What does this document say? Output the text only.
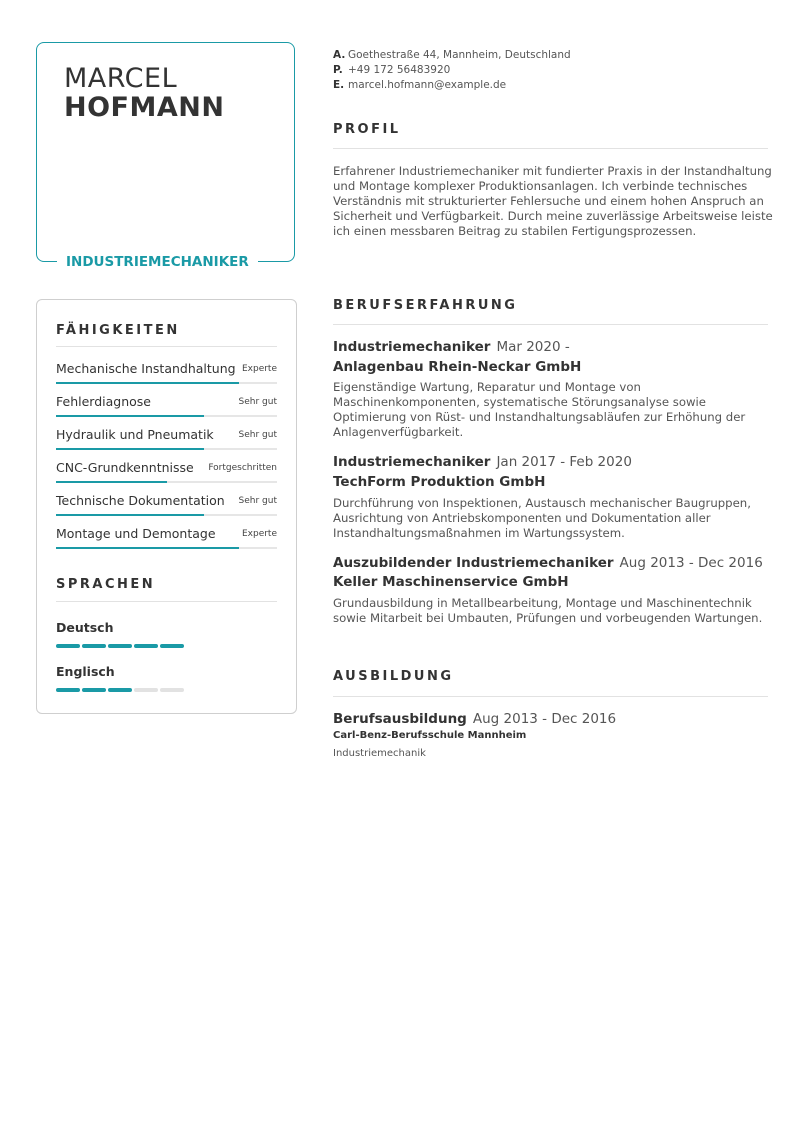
MARCEL
HOFMANN
INDUSTRIEMECHANIKER
FÄHIGKEITEN
Mechanische Instandhaltung Experte
Fehlerdiagnose	Sehr gut
Hydraulik und Pneumatik	Sehr gut
CNC-Grundkenntnisse Fortgeschritten
Technische Dokumentation Sehr gut
Montage und Demontage	Experte
SPRACHEN
Deutsch
Englisch
A. Goethestraße 44, Mannheim, Deutschland
P. +49 172 56483920
E. marcel.hofmann@example.de
PROFIL
Erfahrener Industriemechaniker mit fundierter Praxis in der Instandhaltung und Montage komplexer Produktionsanlagen. Ich verbinde technisches Verständnis mit strukturierter Fehlersuche und einem hohen Anspruch an Sicherheit und Verfügbarkeit. Durch meine zuverlässige Arbeitsweise leiste ich einen messbaren Beitrag zu stabilen Fertigungsprozessen.
BERUFSERFAHRUNG
Industriemechaniker Mar 2020 -
Anlagenbau Rhein-Neckar GmbH
Eigenständige Wartung, Reparatur und Montage von Maschinenkomponenten, systematische Störungsanalyse sowie Optimierung von Rüst- und Instandhaltungsabläufen zur Erhöhung der Anlagenverfügbarkeit.
Industriemechaniker Jan 2017 - Feb 2020
TechForm Produktion GmbH
Durchführung von Inspektionen, Austausch mechanischer Baugruppen, Ausrichtung von Antriebskomponenten und Dokumentation aller Instandhaltungsmaßnahmen im Wartungssystem.
Auszubildender Industriemechaniker Aug 2013 - Dec 2016
Keller Maschinenservice GmbH
Grundausbildung in Metallbearbeitung, Montage und Maschinentechnik sowie Mitarbeit bei Umbauten, Prüfungen und vorbeugenden Wartungen.
AUSBILDUNG
Berufsausbildung Aug 2013 - Dec 2016
Carl-Benz-Berufsschule Mannheim
Industriemechanik
